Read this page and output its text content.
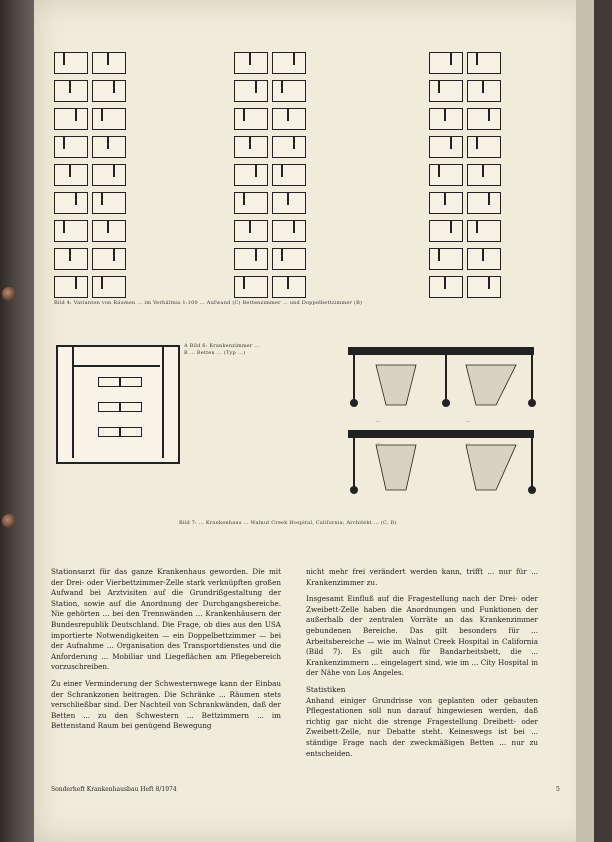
Bild 4: Varianten von Räumen ... im Verhältnis 1:100 ... Aufwand (C) Bettenzimmer ... und Doppelbettzimmer (B)
A Bild 6: Krankenzimmer ... B ... Betten ... (Typ ...)
...	...
...	...
Bild 7: ... Krankenhaus ... Walnut Creek Hospital, California; Architekt ... (C, D)

Stationsarzt für das ganze Krankenhaus geworden. Die mit der Drei- oder Vierbettzimmer-Zelle stark verknüpften großen Aufwand bei Arztvisiten auf die Grundrißgestaltung der Station, sowie auf die Anordnung der Durchgangsbereiche. Nie gehörten ... bei den Trennwänden ... Krankenhäusern der Bundesrepublik Deutschland. Die Frage, ob dies aus den USA importierte Notwendigkeiten — ein Doppelbettzimmer — bei der Aufnahme ... Organisation des Transportdienstes und die Anforderung ... Mobiliar und Liegeflächen am Pflegebereich vorzuschreiben.

Zu einer Verminderung der Schwesternwege kann der Einbau der Schrankzonen beitragen. Die Schränke ... Räumen stets verschließbar sind. Der Nachteil von Schrankwänden, daß der Betten ... zu den Schwestern ... Bettzimmern ... im Bettenstand Raum bei genügend Bewegung

nicht mehr frei verändert werden kann, trifft ... nur für ... Krankenzimmer zu.

Insgesamt Einfluß auf die Fragestellung nach der Drei- oder Zweibett-Zelle haben die Anordnungen und Funktionen der außerhalb der zentralen Vorräte an das Krankenzimmer gebundenen Bereiche. Das gilt besonders für ... Arbeitsbereiche — wie im Walnut Creek Hospital in California (Bild 7). Es gilt auch für Bandarbeitsbett, die ... Krankenzimmern ... eingelagert sind, wie im ... City Hospital in der Nähe von Los Angeles.

Statistiken

Anhand einiger Grundrisse von geplanten oder gebauten Pflegestationen soll nun darauf hingewiesen werden, daß richtig gar nicht die strenge Fragestellung Dreibett- oder Zweibett-Zelle, nur Debatte steht. Keineswegs ist bei ... ständige Frage nach der zweckmäßigen Betten ... nur zu entscheiden.

Sonderheft Krankenhausbau Heft 8/1974	5
